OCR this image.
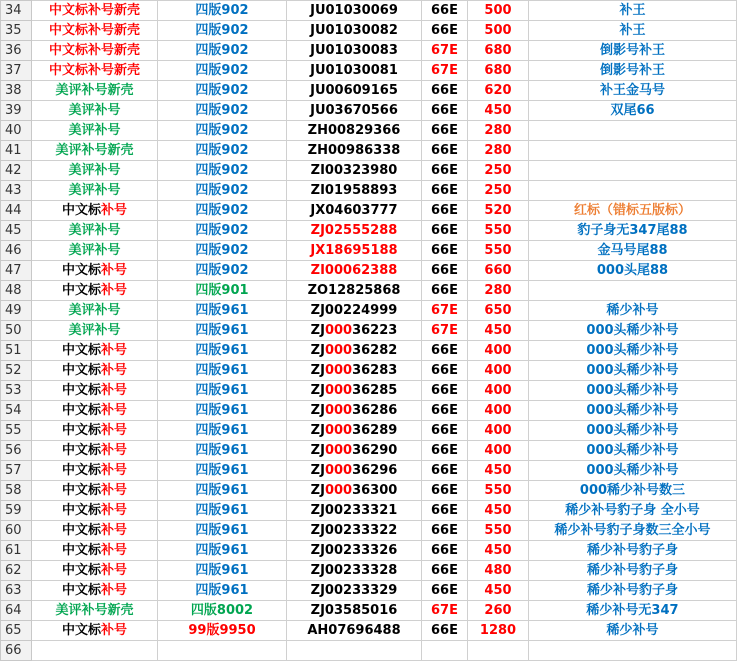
34	中文标补号新壳	四版902	JU01030069	66E	500	补王
35	中文标补号新壳	四版902	JU01030082	66E	500	补王
36	中文标补号新壳	四版902	JU01030083	67E	680	倒影号补王
37	中文标补号新壳	四版902	JU01030081	67E	680	倒影号补王
38	美评补号新壳	四版902	JU00609165	66E	620	补王金马号
39	美评补号	四版902	JU03670566	66E	450	双尾66
40	美评补号	四版902	ZH00829366	66E	280	
41	美评补号新壳	四版902	ZH00986338	66E	280	
42	美评补号	四版902	ZI00323980	66E	250	
43	美评补号	四版902	ZI01958893	66E	250	
44	中文标补号	四版902	JX04603777	66E	520	红标（错标五版标）
45	美评补号	四版902	ZJ02555288	66E	550	豹子身无347尾88
46	美评补号	四版902	JX18695188	66E	550	金马号尾88
47	中文标补号	四版902	ZI00062388	66E	660	000头尾88
48	中文标补号	四版901	ZO12825868	66E	280	
49	美评补号	四版961	ZJ00224999	67E	650	稀少补号
50	美评补号	四版961	ZJ00036223	67E	450	000头稀少补号
51	中文标补号	四版961	ZJ00036282	66E	400	000头稀少补号
52	中文标补号	四版961	ZJ00036283	66E	400	000头稀少补号
53	中文标补号	四版961	ZJ00036285	66E	400	000头稀少补号
54	中文标补号	四版961	ZJ00036286	66E	400	000头稀少补号
55	中文标补号	四版961	ZJ00036289	66E	400	000头稀少补号
56	中文标补号	四版961	ZJ00036290	66E	400	000头稀少补号
57	中文标补号	四版961	ZJ00036296	66E	450	000头稀少补号
58	中文标补号	四版961	ZJ00036300	66E	550	000稀少补号数三
59	中文标补号	四版961	ZJ00233321	66E	450	稀少补号豹子身 全小号
60	中文标补号	四版961	ZJ00233322	66E	550	稀少补号豹子身数三全小号
61	中文标补号	四版961	ZJ00233326	66E	450	稀少补号豹子身
62	中文标补号	四版961	ZJ00233328	66E	480	稀少补号豹子身
63	中文标补号	四版961	ZJ00233329	66E	450	稀少补号豹子身
64	美评补号新壳	四版8002	ZJ03585016	67E	260	稀少补号无347
65	中文标补号	99版9950	AH07696488	66E	1280	稀少补号
66						
